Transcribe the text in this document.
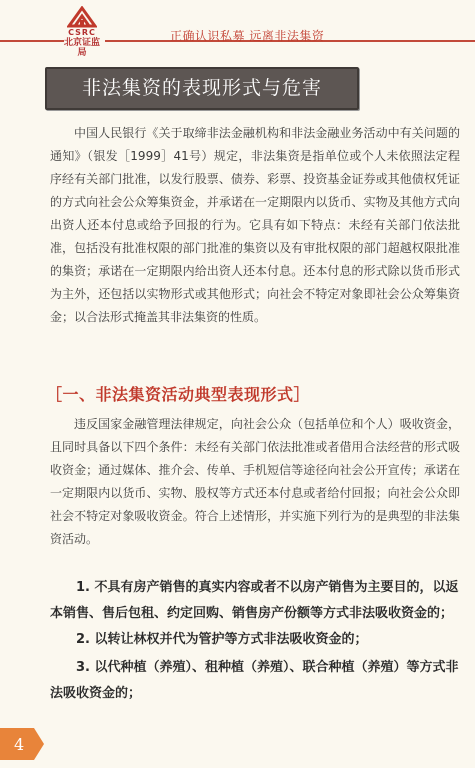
CSRC
北京证监局
正确认识私募 远离非法集资
非法集资的表现形式与危害
中国人民银行《关于取缔非法金融机构和非法金融业务活动中有关问题的通知》（银发［1999］41号）规定，非法集资是指单位或个人未依照法定程序经有关部门批准，以发行股票、债券、彩票、投资基金证券或其他债权凭证的方式向社会公众筹集资金，并承诺在一定期限内以货币、实物及其他方式向出资人还本付息或给予回报的行为。它具有如下特点：未经有关部门依法批准，包括没有批准权限的部门批准的集资以及有审批权限的部门超越权限批准的集资；承诺在一定期限内给出资人还本付息。还本付息的形式除以货币形式为主外，还包括以实物形式或其他形式；向社会不特定对象即社会公众筹集资金；以合法形式掩盖其非法集资的性质。
［一、非法集资活动典型表现形式］
违反国家金融管理法律规定，向社会公众（包括单位和个人）吸收资金，且同时具备以下四个条件：未经有关部门依法批准或者借用合法经营的形式吸收资金；通过媒体、推介会、传单、手机短信等途径向社会公开宣传；承诺在一定期限内以货币、实物、股权等方式还本付息或者给付回报；向社会公众即社会不特定对象吸收资金。符合上述情形，并实施下列行为的是典型的非法集资活动。
1. 不具有房产销售的真实内容或者不以房产销售为主要目的，以返本销售、售后包租、约定回购、销售房产份额等方式非法吸收资金的；
2. 以转让林权并代为管护等方式非法吸收资金的；
3. 以代种植（养殖）、租种植（养殖）、联合种植（养殖）等方式非法吸收资金的；
4
